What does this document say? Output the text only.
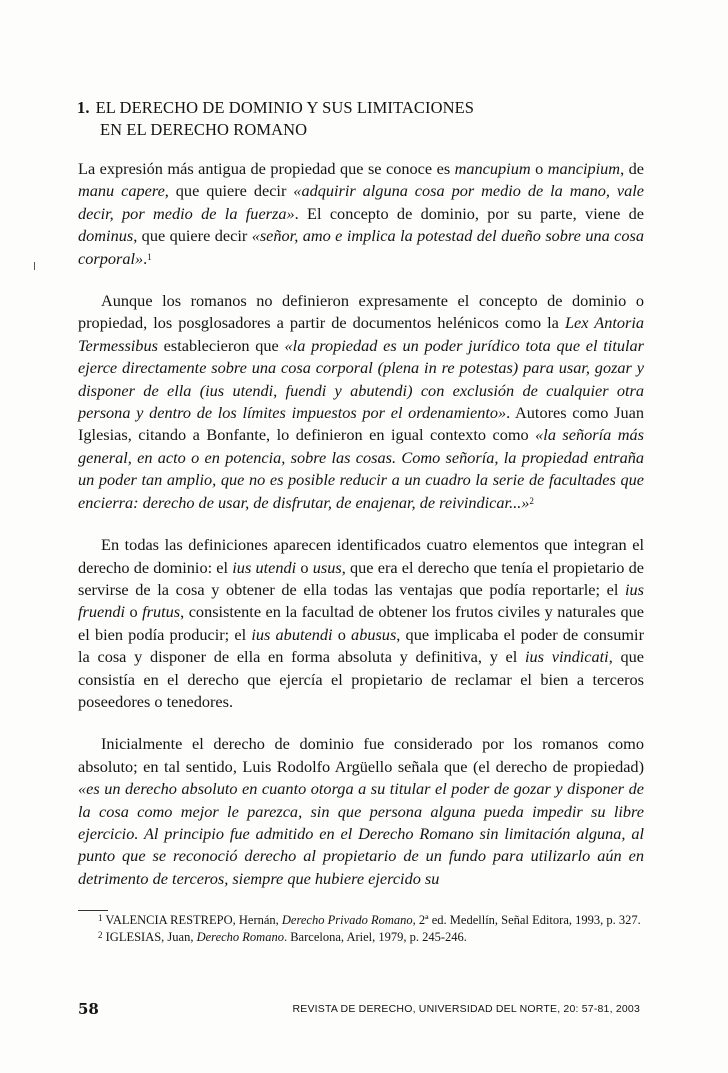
1. EL DERECHO DE DOMINIO Y SUS LIMITACIONES
EN EL DERECHO ROMANO

La expresión más antigua de propiedad que se conoce es mancupium o mancipium, de manu capere, que quiere decir «adquirir alguna cosa por medio de la mano, vale decir, por medio de la fuerza». El concepto de dominio, por su parte, viene de dominus, que quiere decir «señor, amo e implica la potestad del dueño sobre una cosa corporal».$^1$

Aunque los romanos no definieron expresamente el concepto de dominio o propiedad, los posglosadores a partir de documentos helénicos como la Lex Antoria Termessibus establecieron que «la propiedad es un poder jurídico tota que el titular ejerce directamente sobre una cosa corporal (plena in re potestas) para usar, gozar y disponer de ella (ius utendi, fuendi y abutendi) con exclusión de cualquier otra persona y dentro de los límites impuestos por el ordenamiento». Autores como Juan Iglesias, citando a Bonfante, lo definieron en igual contexto como «la señoría más general, en acto o en potencia, sobre las cosas. Como señoría, la propiedad entraña un poder tan amplio, que no es posible reducir a un cuadro la serie de facultades que encierra: derecho de usar, de disfrutar, de enajenar, de reivindicar...»$^2$

En todas las definiciones aparecen identificados cuatro elementos que integran el derecho de dominio: el ius utendi o usus, que era el derecho que tenía el propietario de servirse de la cosa y obtener de ella todas las ventajas que podía reportarle; el ius fruendi o frutus, consistente en la facultad de obtener los frutos civiles y naturales que el bien podía producir; el ius abutendi o abusus, que implicaba el poder de consumir la cosa y disponer de ella en forma absoluta y definitiva, y el ius vindicati, que consistía en el derecho que ejercía el propietario de reclamar el bien a terceros poseedores o tenedores.

Inicialmente el derecho de dominio fue considerado por los romanos como absoluto; en tal sentido, Luis Rodolfo Argüello señala que (el derecho de propiedad) «es un derecho absoluto en cuanto otorga a su titular el poder de gozar y disponer de la cosa como mejor le parezca, sin que persona alguna pueda impedir su libre ejercicio. Al principio fue admitido en el Derecho Romano sin limitación alguna, al punto que se reconoció derecho al propietario de un fundo para utilizarlo aún en detrimento de terceros, siempre que hubiere ejercido su

$^1$ VALENCIA RESTREPO, Hernán, Derecho Privado Romano, 2ª ed. Medellín, Señal Editora, 1993, p. 327.

$^2$ IGLESIAS, Juan, Derecho Romano. Barcelona, Ariel, 1979, p. 245-246.

58	REVISTA DE DERECHO, UNIVERSIDAD DEL NORTE, 20: 57-81, 2003
